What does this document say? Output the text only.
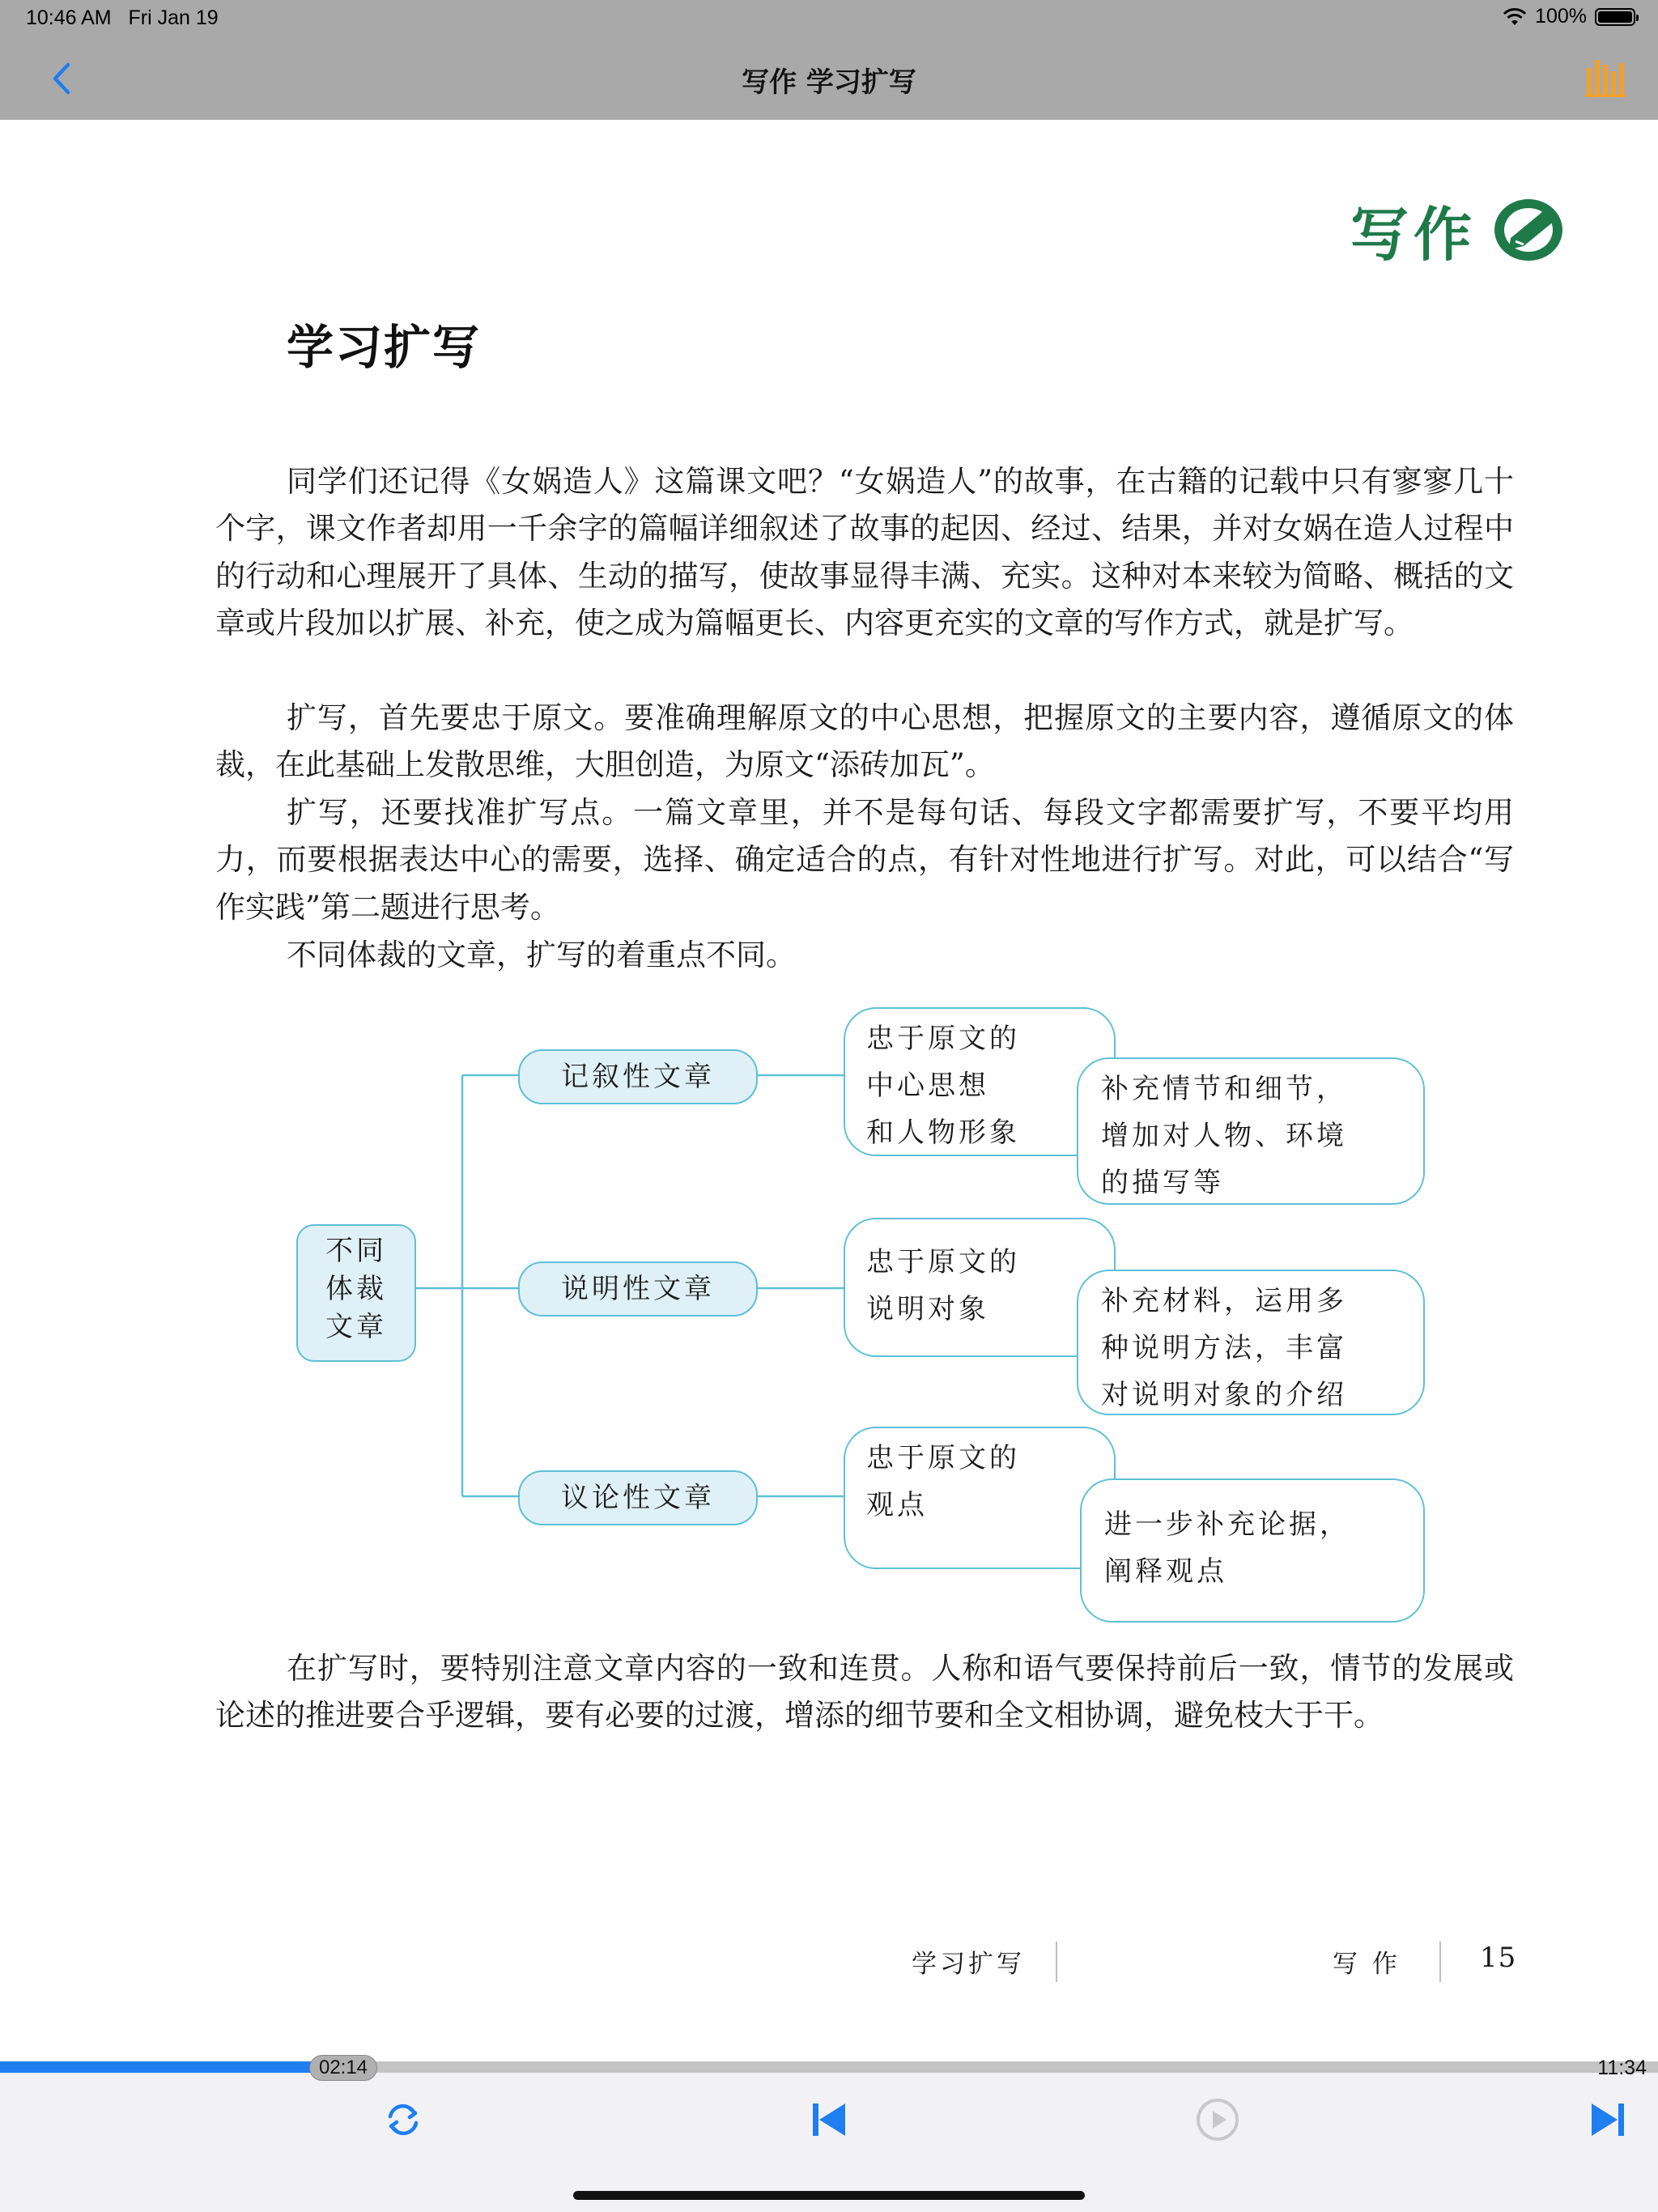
10:46 AM Fri Jan 19	100%
写作 学习扩写
写作
学习扩写

同学们还记得《女娲造人》这篇课文吧？“女娲造人”的故事，在古籍的记载中只有寥寥几十个字，课文作者却用一千余字的篇幅详细叙述了故事的起因、经过、结果，并对女娲在造人过程中的行动和心理展开了具体、生动的描写，使故事显得丰满、充实。这种对本来较为简略、概括的文章或片段加以扩展、补充，使之成为篇幅更长、内容更充实的文章的写作方式，就是扩写。

扩写，首先要忠于原文。要准确理解原文的中心思想，把握原文的主要内容，遵循原文的体裁，在此基础上发散思维，大胆创造，为原文“添砖加瓦”。

扩写，还要找准扩写点。一篇文章里，并不是每句话、每段文字都需要扩写，不要平均用力，而要根据表达中心的需要，选择、确定适合的点，有针对性地进行扩写。对此，可以结合“写作实践”第二题进行思考。

不同体裁的文章，扩写的着重点不同。

不同
体裁
文章
记叙性文章
说明性文章
议论性文章
忠于原文的
中心思想
和人物形象
忠于原文的
说明对象
忠于原文的
观点
补充情节和细节，
增加对人物、环境
的描写等
补充材料，运用多
种说明方法，丰富
对说明对象的介绍
进一步补充论据，
阐释观点

在扩写时，要特别注意文章内容的一致和连贯。人称和语气要保持前后一致，情节的发展或论述的推进要合乎逻辑，要有必要的过渡，增添的细节要和全文相协调，避免枝大于干。

学习扩写	写 作	15
02:14	11:34
